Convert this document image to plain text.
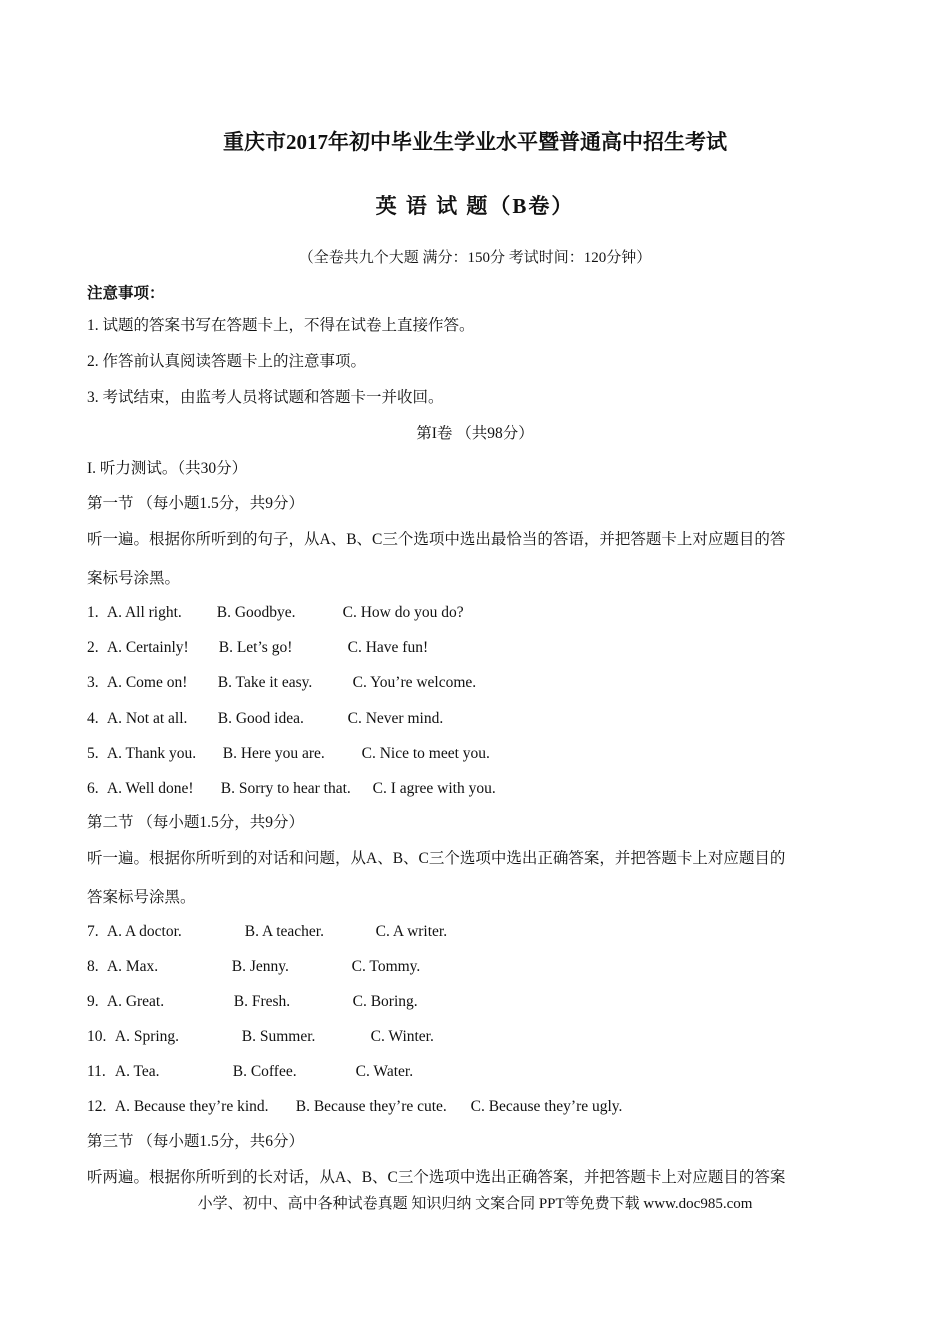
重庆市2017年初中毕业生学业水平暨普通高中招生考试
英 语 试 题（B卷）
（全卷共九个大题 满分：150分 考试时间：120分钟）
注意事项：
1. 试题的答案书写在答题卡上，不得在试卷上直接作答。
2. 作答前认真阅读答题卡上的注意事项。
3. 考试结束，由监考人员将试题和答题卡一并收回。
第I卷 （共98分）
I. 听力测试。（共30分）
第一节 （每小题1.5分，共9分）
听一遍。根据你所听到的句子，从A、B、C三个选项中选出最恰当的答语，并把答题卡上对应题目的答
案标号涂黑。
1. A. All right. B. Goodbye.	C. How do you do?
2. A. Certainly! B. Let’s go!	C. Have fun!
3. A. Come on! B. Take it easy.	C. You’re welcome.
4. A. Not at all. B. Good idea.	C. Never mind.
5. A. Thank you. B. Here you are. C. Nice to meet you.
6. A. Well done! B. Sorry to hear that. C. I agree with you.
第二节 （每小题1.5分，共9分）
听一遍。根据你所听到的对话和问题，从A、B、C三个选项中选出正确答案，并把答题卡上对应题目的
答案标号涂黑。
7. A. A doctor.	B. A teacher.	C. A writer.
8. A. Max.	B. Jenny.	C. Tommy.
9. A. Great.	B. Fresh.	C. Boring.
10. A. Spring.	B. Summer.	C. Winter.
11. A. Tea.	B. Coffee.	C. Water.
12. A. Because they’re kind. B. Because they’re cute. C. Because they’re ugly.
第三节 （每小题1.5分，共6分）
听两遍。根据你所听到的长对话，从A、B、C三个选项中选出正确答案，并把答题卡上对应题目的答案
小学、初中、高中各种试卷真题 知识归纳 文案合同 PPT等免费下载 www.doc985.com
